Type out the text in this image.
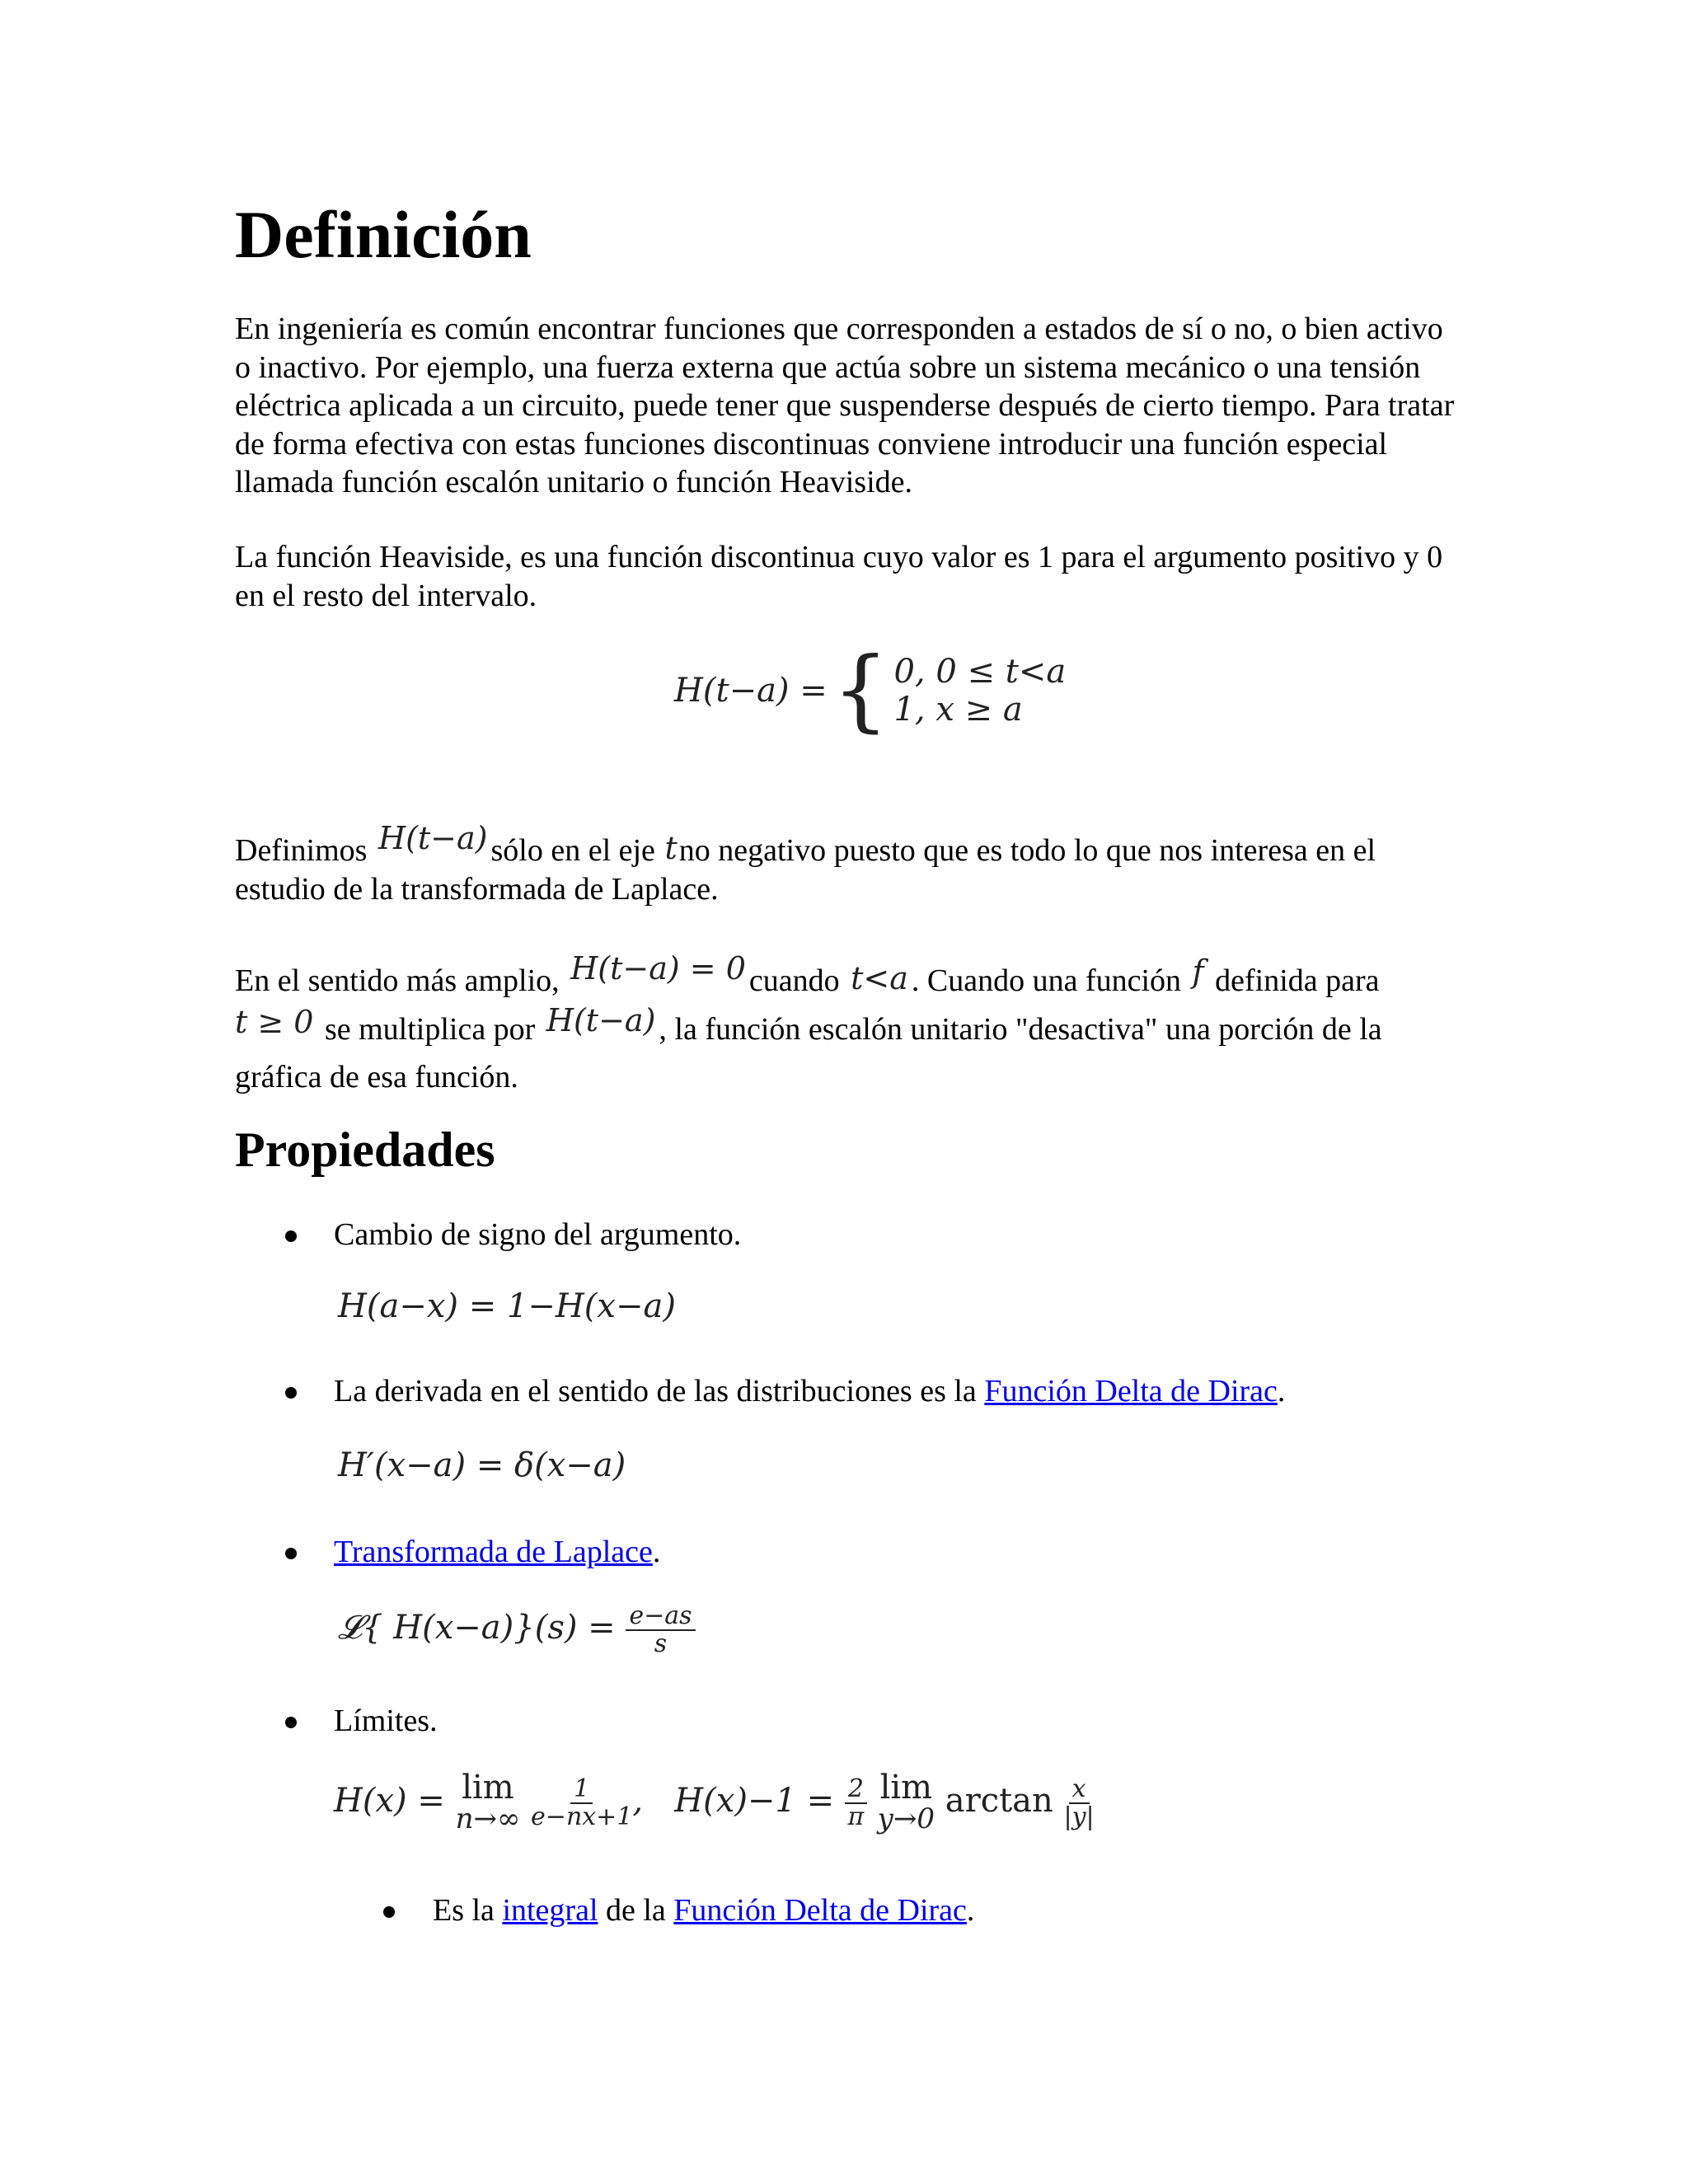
Definición

En ingeniería es común encontrar funciones que corresponden a estados de sí o no, o bien activo o inactivo. Por ejemplo, una fuerza externa que actúa sobre un sistema mecánico o una tensión eléctrica aplicada a un circuito, puede tener que suspenderse después de cierto tiempo. Para tratar de forma efectiva con estas funciones discontinuas conviene introducir una función especial llamada función escalón unitario o función Heaviside.

La función Heaviside, es una función discontinua cuyo valor es 1 para el argumento positivo y 0 en el resto del intervalo.

H(t−a) = { 0, 0 ≤ t<a
1, x ≥ a

Definimos H(t−a) sólo en el eje tno negativo puesto que es todo lo que nos interesa en el estudio de la transformada de Laplace.

En el sentido más amplio, H(t−a) = 0 cuando t<a . Cuando una función f definida para
t ≥ 0 se multiplica por H(t−a) , la función escalón unitario "desactiva" una porción de la gráfica de esa función.

Propiedades
Cambio de signo del argumento.
H(a−x) = 1−H(x−a)
La derivada en el sentido de las distribuciones es la Función Delta de Dirac.
H′(x−a) = δ(x−a)
Transformada de Laplace.
𝓛{ $H(x-a)\}(s) = \frac{e-as}{s}$
Límites.
H(x) = lim
n→∞
$\frac{1}{e-nx+1}$ , $H(x)-1 = \frac{2}{\pi}$
lim
y→0 $\arctan \frac{x}{|y|}$
Es la integral de la Función Delta de Dirac.
